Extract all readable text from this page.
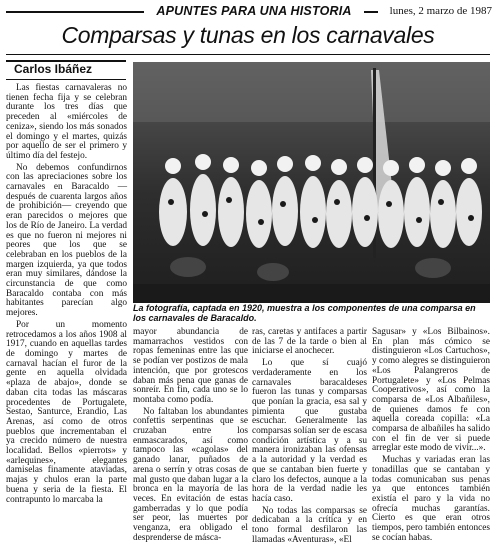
APUNTES PARA UNA HISTORIA	lunes, 2 marzo de 1987
Comparsas y tunas en los carnavales
Carlos Ibáñez

Las fiestas carnavaleras no tienen fecha fija y se celebran durante los tres días que preceden al «miércoles de ceniza», siendo los más sonados el domingo y el martes, quizás por aquello de ser el primero y último día del festejo.

No debemos confundirnos con las apreciaciones sobre los carnavales en Baracaldo —después de cuarenta largos años de prohibición— creyendo que eran parecidos o mejores que los de Río de Janeiro. La verdad es que no fueron ni mejores ni peores que los que se celebraban en los pueblos de la margen izquierda, ya que todos eran muy similares, dándose la circunstancia de que como Baracaldo contaba con más habitantes parecían algo mejores.

Por un momento retrocedamos a los años 1908 al 1917, cuando en aquellas tardes de domingo y martes de carnaval hacían el furor de la gente en aquella olvidada «plaza de abajo», donde se daban cita todas las máscaras procedentes de Portugalete, Sestao, Santurce, Erandio, Las Arenas, así como de otros pueblos que incrementaban el ya crecido número de nuestra localidad. Bellos «pierrots» y «arlequines», elegantes damiselas finamente ataviadas, majas y chulos eran la parte buena y seria de la fiesta. El contrapunto lo marcaba la

La fotografía, captada en 1920, muestra a los componentes de una comparsa en los carnavales de Baracaldo.

mayor abundancia de mamarrachos vestidos con ropas femeninas entre las que se podían ver postizos de mala intención, que por grotescos daban más pena que ganas de sonreír. En fin, cada uno se lo montaba como podía.

No faltaban los abundantes confettis serpentinas que se cruzaban entre los enmascarados, así como tampoco las «cagolas» del ganado lanar, puñados de arena o serrín y otras cosas de mal gusto que daban lugar a la bronca en la mayoría de las veces. En evitación de estas gamberradas y lo que podía ser peor, las muertes por venganza, era obligado el desprenderse de másca-

ras, caretas y antifaces a partir de las 7 de la tarde o bien al iniciarse el anochecer.

Lo que sí cuajó verdaderamente en los carnavales baracaldeses fueron las tunas y comparsas que ponían la gracia, esa sal y pimienta que gustaba escuchar. Generalmente las comparsas solían ser de escasa condición artística y a su manera ironizaban las ofensas a la autoridad y la verdad es que se cantaban bien fuerte y claro los defectos, aunque a la hora de la verdad nadie les hacía caso.

No todas las comparsas se dedicaban a la crítica y en tono formal desfilaron las llamadas «Aventuras», «El

Sagusar» y «Los Bilbainos». En plan más cómico se distinguieron «Los Cartuchos», y como alegres se distinguieron «Los Palangreros de Portugalete» y «Los Pelmas Cooperativos», así como la comparsa de «Los Albañiles», de quienes damos fe con aquella coreada copilla: «La comparsa de albañiles ha salido con el fin de ver si puede arreglar este modo de vivir...».

Muchas y variadas eran las tonadillas que se cantaban y todas comunicaban sus penas ya que entonces también existía el paro y la vida no ofrecía muchas garantías. Cierto es que eran otros tiempos, pero también entonces se cocían habas.
